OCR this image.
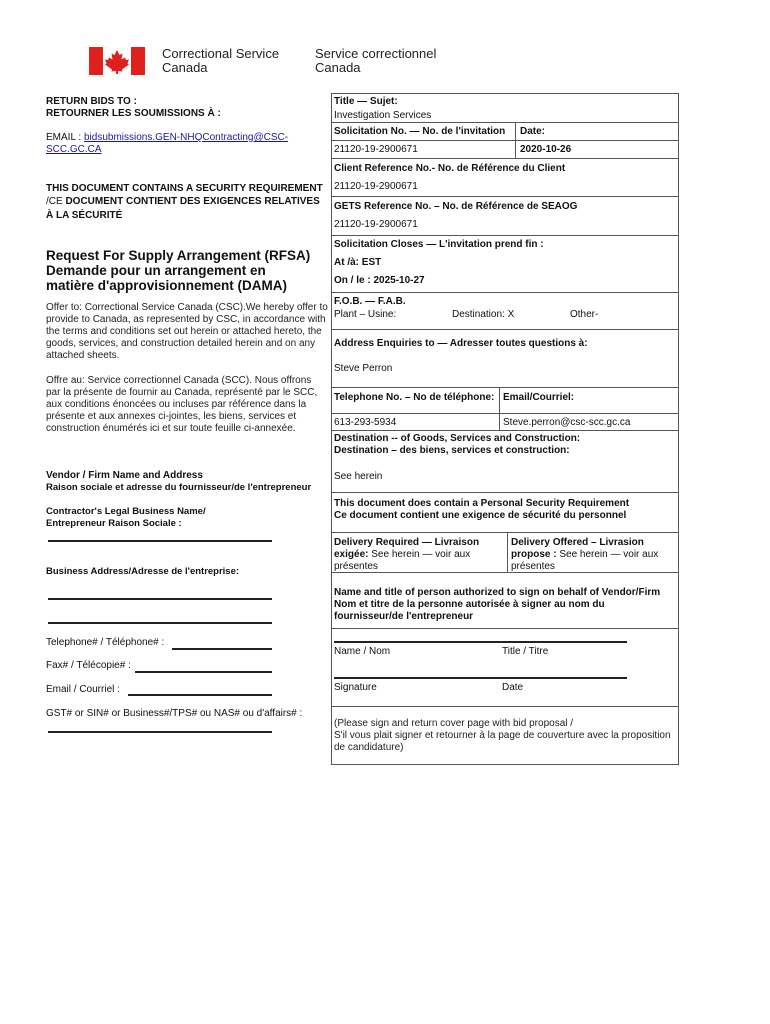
Correctional Service
Canada
Service correctionnel
Canada
RETURN BIDS TO :
RETOURNER LES SOUMISSIONS À :
EMAIL : bidsubmissions.GEN-NHQContracting@CSC-
SCC.GC.CA
THIS DOCUMENT CONTAINS A SECURITY REQUIREMENT
/CE DOCUMENT CONTIENT DES EXIGENCES RELATIVES
À LA SÉCURITÉ
Request For Supply Arrangement (RFSA)
Demande pour un arrangement en
matière d'approvisionnement (DAMA)
Offer to: Correctional Service Canada (CSC).We hereby offer to
provide to Canada, as represented by CSC, in accordance with
the terms and conditions set out herein or attached hereto, the
goods, services, and construction detailed herein and on any
attached sheets.
Offre au: Service correctionnel Canada (SCC). Nous offrons
par la présente de fournir au Canada, représenté par le SCC,
aux conditions énoncées ou incluses par référence dans la
présente et aux annexes ci-jointes, les biens, services et
construction énumérés ici et sur toute feuille ci-annexée.
Vendor / Firm Name and Address
Raison sociale et adresse du fournisseur/de l'entrepreneur
Contractor's Legal Business Name/
Entrepreneur Raison Sociale :
Business Address/Adresse de l'entreprise:
Telephone# / Téléphone# :
Fax# / Télécopie# :
Email / Courriel :
GST# or SIN# or Business#/TPS# ou NAS# ou d'affairs# :
Title — Sujet:
Investigation Services
Solicitation No. — No. de l'invitation Date:
21120-19-2900671	2020-10-26
Client Reference No.- No. de Référence du Client
21120-19-2900671
GETS Reference No. – No. de Référence de SEAOG
21120-19-2900671
Solicitation Closes — L'invitation prend fin :
At /à: EST
On / le : 2025-10-27
F.O.B. — F.A.B.
Plant – Usine:	Destination: X	Other-
Address Enquiries to — Adresser toutes questions à:
Steve Perron
Telephone No. – No de téléphone: Email/Courriel:
613-293-5934	Steve.perron@csc-scc.gc.ca
Destination -- of Goods, Services and Construction:
Destination – des biens, services et construction:
See herein
This document does contain a Personal Security Requirement
Ce document contient une exigence de sécurité du personnel
Delivery Required — Livraison
exigée: See herein — voir aux
présentes
Delivery Offered – Livrasion
propose : See herein — voir aux
présentes
Name and title of person authorized to sign on behalf of Vendor/Firm
Nom et titre de la personne autorisée à signer au nom du
fournisseur/de l'entrepreneur
Name / Nom	Title / Titre
Signature	Date
(Please sign and return cover page with bid proposal /
S'il vous plait signer et retourner à la page de couverture avec la proposition
de candidature)
